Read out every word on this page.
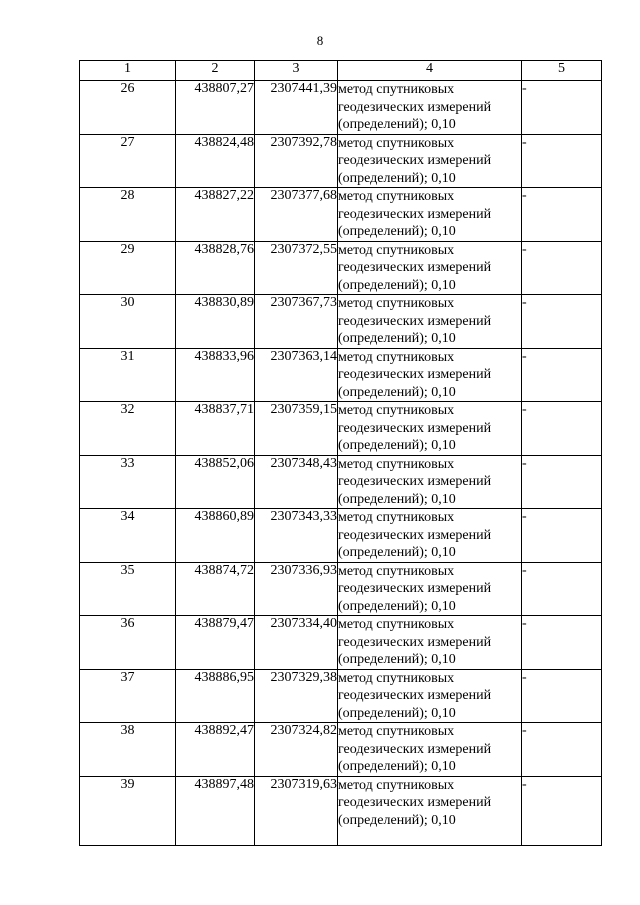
8
1	2	3	4	5
26	438807,27	2307441,39	метод спутниковых
геодезических измерений
(определений); 0,10	-
27	438824,48	2307392,78	метод спутниковых
геодезических измерений
(определений); 0,10	-
28	438827,22	2307377,68	метод спутниковых
геодезических измерений
(определений); 0,10	-
29	438828,76	2307372,55	метод спутниковых
геодезических измерений
(определений); 0,10	-
30	438830,89	2307367,73	метод спутниковых
геодезических измерений
(определений); 0,10	-
31	438833,96	2307363,14	метод спутниковых
геодезических измерений
(определений); 0,10	-
32	438837,71	2307359,15	метод спутниковых
геодезических измерений
(определений); 0,10	-
33	438852,06	2307348,43	метод спутниковых
геодезических измерений
(определений); 0,10	-
34	438860,89	2307343,33	метод спутниковых
геодезических измерений
(определений); 0,10	-
35	438874,72	2307336,93	метод спутниковых
геодезических измерений
(определений); 0,10	-
36	438879,47	2307334,40	метод спутниковых
геодезических измерений
(определений); 0,10	-
37	438886,95	2307329,38	метод спутниковых
геодезических измерений
(определений); 0,10	-
38	438892,47	2307324,82	метод спутниковых
геодезических измерений
(определений); 0,10	-
39	438897,48	2307319,63	метод спутниковых
геодезических измерений
(определений); 0,10	-
